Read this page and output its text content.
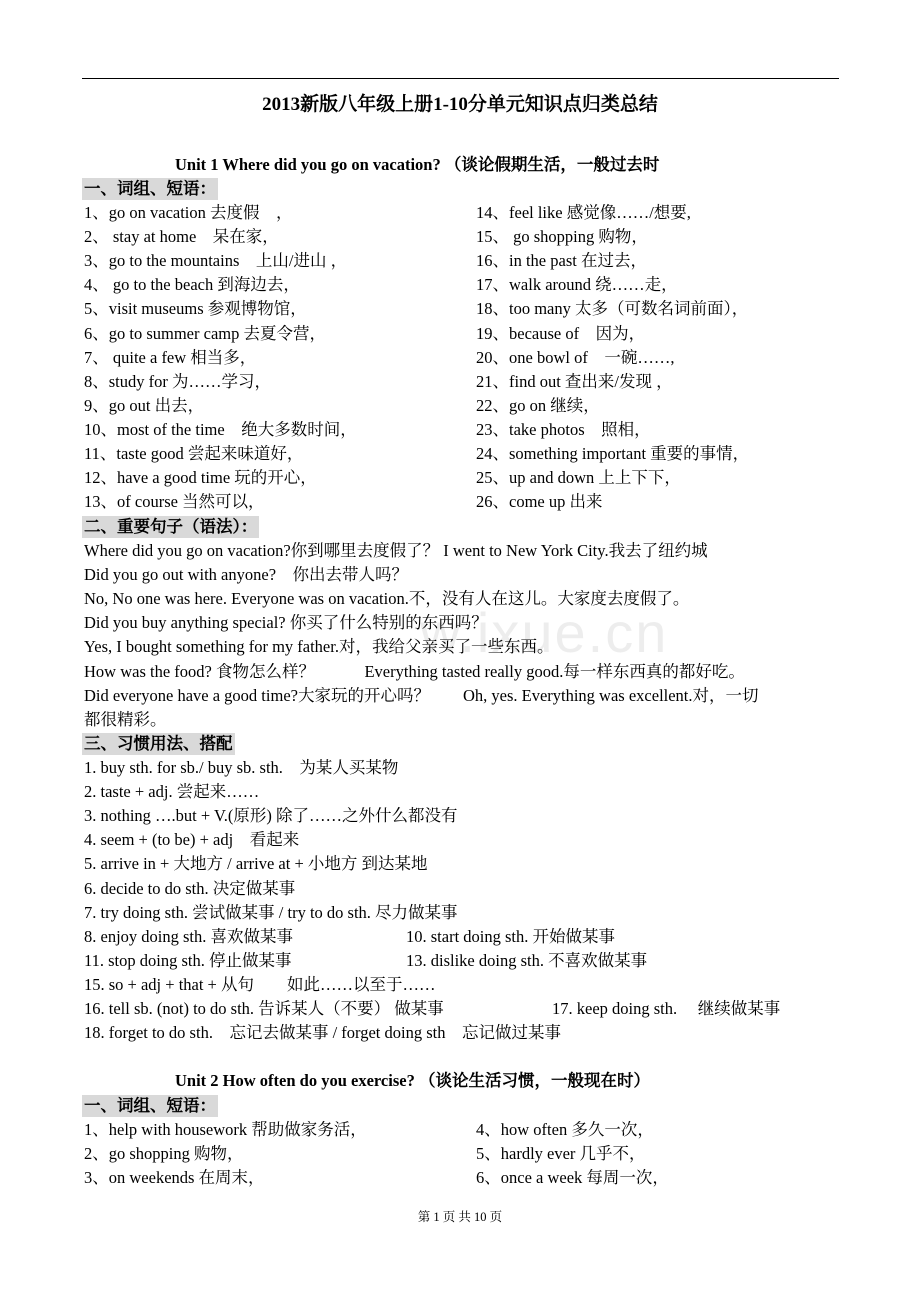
2013新版八年级上册1-10分单元知识点归类总结
Unit 1 Where did you go on vacation? （谈论假期生活，一般过去时
一、词组、短语：
1、go on vacation 去度假　，
2、 stay at home　呆在家，
3、go to the mountains　上山/进山 ，
4、 go to the beach 到海边去，
5、visit museums 参观博物馆，
6、go to summer camp 去夏令营，
7、 quite a few 相当多，
8、study for 为……学习，
9、go out 出去，
10、most of the time　绝大多数时间，
11、taste good 尝起来味道好，
12、have a good time 玩的开心，
13、of course 当然可以，
14、feel like 感觉像……/想要,
15、 go shopping 购物，
16、in the past 在过去，
17、walk around 绕……走，
18、too many 太多（可数名词前面），
19、because of　因为，
20、one bowl of　一碗……,
21、find out 查出来/发现 ，
22、go on 继续，
23、take photos　照相，
24、something important 重要的事情，
25、up and down 上上下下，
26、come up 出来
二、重要句子（语法）：
Where did you go on vacation?你到哪里去度假了？ I went to New York City.我去了纽约城
Did you go out with anyone?　你出去带人吗？
No, No one was here. Everyone was on vacation.不，没有人在这儿。大家度去度假了。
Did you buy anything special? 你买了什么特别的东西吗？
Yes, I bought something for my father.对，我给父亲买了一些东西。
How was the food? 食物怎么样？　　　Everything tasted really good.每一样东西真的都好吃。
Did everyone have a good time?大家玩的开心吗？　　Oh, yes. Everything was excellent.对，一切
都很精彩。
三、习惯用法、搭配
1. buy sth. for sb./ buy sb. sth.　为某人买某物
2. taste + adj. 尝起来……
3. nothing ….but + V.(原形) 除了……之外什么都没有
4. seem + (to be) + adj　看起来
5. arrive in + 大地方 / arrive at + 小地方 到达某地
6. decide to do sth. 决定做某事
7. try doing sth. 尝试做某事 / try to do sth. 尽力做某事
8. enjoy doing sth. 喜欢做某事	10. start doing sth. 开始做某事
11. stop doing sth. 停止做某事	13. dislike doing sth. 不喜欢做某事
15. so + adj + that + 从句　　如此……以至于……
16. tell sb. (not) to do sth. 告诉某人（不要） 做某事	17. keep doing sth.　 继续做某事
18. forget to do sth.　忘记去做某事 / forget doing sth　忘记做过某事
Unit 2 How often do you exercise? （谈论生活习惯，一般现在时）
一、词组、短语：
1、help with housework 帮助做家务活，
2、go shopping 购物，
3、on weekends 在周末，
4、how often 多久一次，
5、hardly ever 几乎不，
6、once a week 每周一次，
w.ixue.cn
第 1 页 共 10 页
